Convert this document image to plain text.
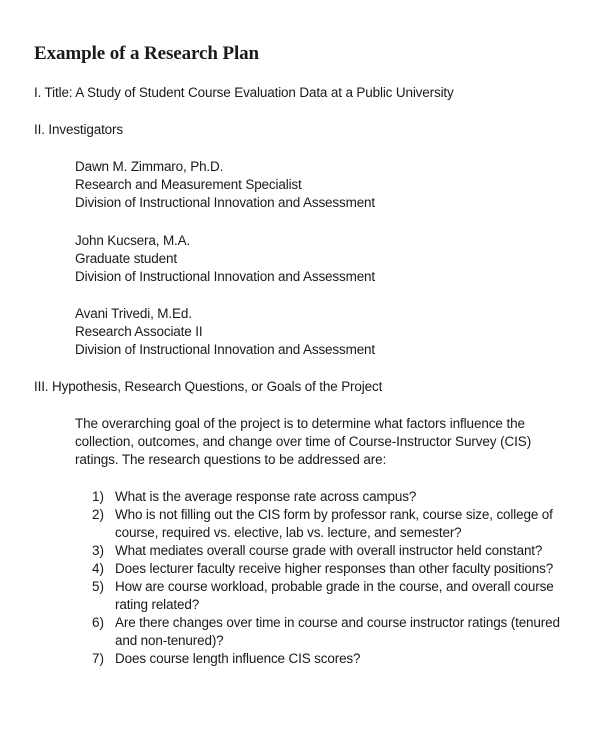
Example of a Research Plan
I. Title: A Study of Student Course Evaluation Data at a Public University
II. Investigators
Dawn M. Zimmaro, Ph.D.
Research and Measurement Specialist
Division of Instructional Innovation and Assessment
John Kucsera, M.A.
Graduate student
Division of Instructional Innovation and Assessment
Avani Trivedi, M.Ed.
Research Associate II
Division of Instructional Innovation and Assessment
III. Hypothesis, Research Questions, or Goals of the Project
The overarching goal of the project is to determine what factors influence the
collection, outcomes, and change over time of Course-Instructor Survey (CIS)
ratings. The research questions to be addressed are:
1) What is the average response rate across campus?
2) Who is not filling out the CIS form by professor rank, course size, college of
course, required vs. elective, lab vs. lecture, and semester?
3) What mediates overall course grade with overall instructor held constant?
4) Does lecturer faculty receive higher responses than other faculty positions?
5) How are course workload, probable grade in the course, and overall course
rating related?
6) Are there changes over time in course and course instructor ratings (tenured
and non-tenured)?
7) Does course length influence CIS scores?
